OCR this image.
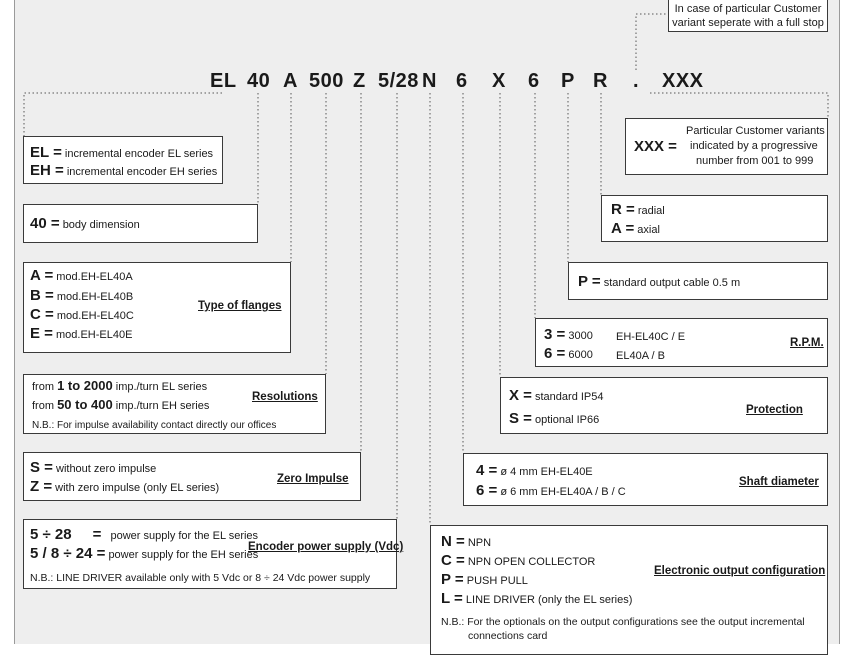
In case of particular Customer
variant seperate with a full stop
EL 40 A 500 Z 5/28 N 6 X 6 P R . XXX
EL = incremental encoder EL series
EH = incremental encoder EH series
40 = body dimension
A = mod.EH-EL40A
B = mod.EH-EL40B
C = mod.EH-EL40C
E = mod.EH-EL40E
Type of flanges
from 1 to 2000 imp./turn EL series
from 50 to 400 imp./turn EH series
N.B.: For impulse availability contact directly our offices
Resolutions
S = without zero impulse
Z = with zero impulse (only EL series)
Zero Impulse
5 ÷ 28 = power supply for the EL series
5 / 8 ÷ 24 = power supply for the EH series
N.B.: LINE DRIVER available only with 5 Vdc or 8 ÷ 24 Vdc power supply
Encoder power supply (Vdc)
XXX =
Particular Customer variants
indicated by a progressive
number from 001 to 999
R = radial
A = axial
P = standard output cable 0.5 m
3 = 3000 EH-EL40C / E
6 = 6000 EL40A / B
R.P.M.
X = standard IP54
S = optional IP66
Protection
4 = ø 4 mm EH-EL40E
6 = ø 6 mm EH-EL40A / B / C
Shaft diameter
N = NPN
C = NPN OPEN COLLECTOR
P = PUSH PULL
L = LINE DRIVER (only the EL series)
N.B.: For the optionals on the output configurations see the output incremental
connections card
Electronic output configuration
